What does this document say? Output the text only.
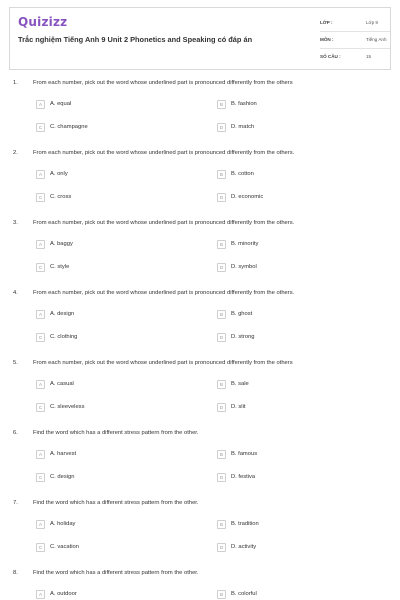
Quizizz
Trắc nghiệm Tiếng Anh 9 Unit 2 Phonetics and Speaking có đáp án
LỚP :	Lớp 9
MÔN :	Tiếng Anh
SỐ CÂU :	15
1.	From each number, pick out the word whose underlined part is pronounced differently from the others
A	A. equal	B	B. fashion
C	C. champagne	D	D. match
2.	From each number, pick out the word whose underlined part is pronounced differently from the others.
A	A. only	B	B. cotton
C	C. cross	D	D. economic
3.	From each number, pick out the word whose underlined part is pronounced differently from the others.
A	A. baggy	B	B. minority
C	C. style	D	D. symbol
4.	From each number, pick out the word whose underlined part is pronounced differently from the others.
A	A. design	B	B. ghost
C	C. clothing	D	D. strong
5.	From each number, pick out the word whose underlined part is pronounced differently from the others
A	A. casual	B	B. sale
C	C. sleeveless	D	D. slit
6.	Find the word which has a different stress pattern from the other.
A	A. harvest	B	B. famous
C	C. design	D	D. festiva
7.	Find the word which has a different stress pattern from the other.
A	A. holiday	B	B. tradition
C	C. vacation	D	D. activity
8.	Find the word which has a different stress pattern from the other.
A	A. outdoor	B	B. colorful
